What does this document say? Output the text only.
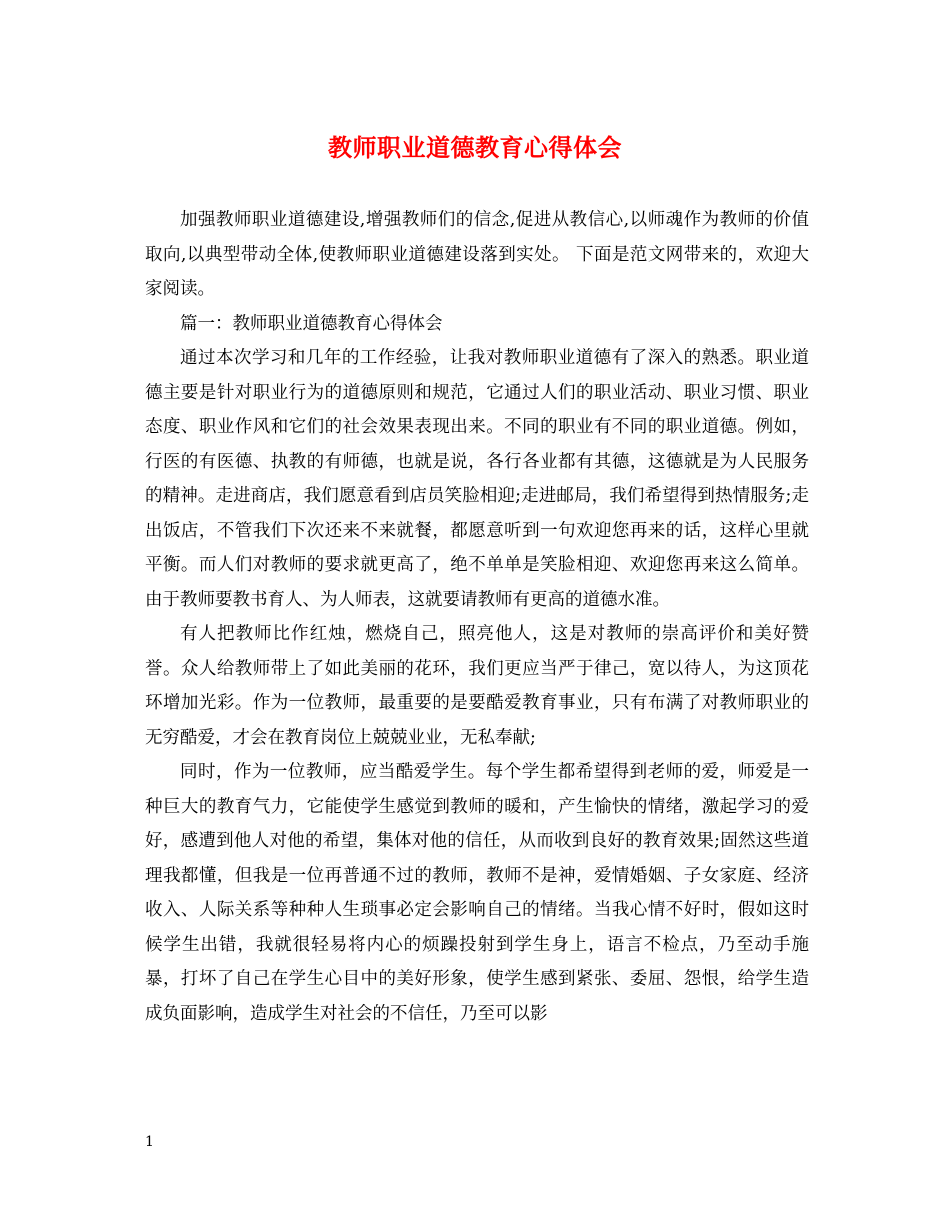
教师职业道德教育心得体会

加强教师职业道德建设,增强教师们的信念,促进从教信心,以师魂作为教师的价值取向,以典型带动全体,使教师职业道德建设落到实处。 下面是范文网带来的，欢迎大家阅读。

篇一：教师职业道德教育心得体会

通过本次学习和几年的工作经验，让我对教师职业道德有了深入的熟悉。职业道德主要是针对职业行为的道德原则和规范，它通过人们的职业活动、职业习惯、职业态度、职业作风和它们的社会效果表现出来。不同的职业有不同的职业道德。例如，行医的有医德、执教的有师德，也就是说，各行各业都有其德，这德就是为人民服务的精神。走进商店，我们愿意看到店员笑脸相迎;走进邮局，我们希望得到热情服务;走出饭店，不管我们下次还来不来就餐，都愿意听到一句欢迎您再来的话，这样心里就平衡。而人们对教师的要求就更高了，绝不单单是笑脸相迎、欢迎您再来这么简单。由于教师要教书育人、为人师表，这就要请教师有更高的道德水准。

有人把教师比作红烛，燃烧自己，照亮他人，这是对教师的崇高评价和美好赞誉。众人给教师带上了如此美丽的花环，我们更应当严于律己，宽以待人，为这顶花环增加光彩。作为一位教师，最重要的是要酷爱教育事业，只有布满了对教师职业的无穷酷爱，才会在教育岗位上兢兢业业，无私奉献;

同时，作为一位教师，应当酷爱学生。每个学生都希望得到老师的爱，师爱是一种巨大的教育气力，它能使学生感觉到教师的暖和，产生愉快的情绪，激起学习的爱好，感遭到他人对他的希望，集体对他的信任，从而收到良好的教育效果;固然这些道理我都懂，但我是一位再普通不过的教师，教师不是神，爱情婚姻、子女家庭、经济收入、人际关系等种种人生琐事必定会影响自己的情绪。当我心情不好时，假如这时候学生出错，我就很轻易将内心的烦躁投射到学生身上，语言不检点，乃至动手施暴，打坏了自己在学生心目中的美好形象，使学生感到紧张、委屈、怨恨，给学生造成负面影响，造成学生对社会的不信任，乃至可以影

1
